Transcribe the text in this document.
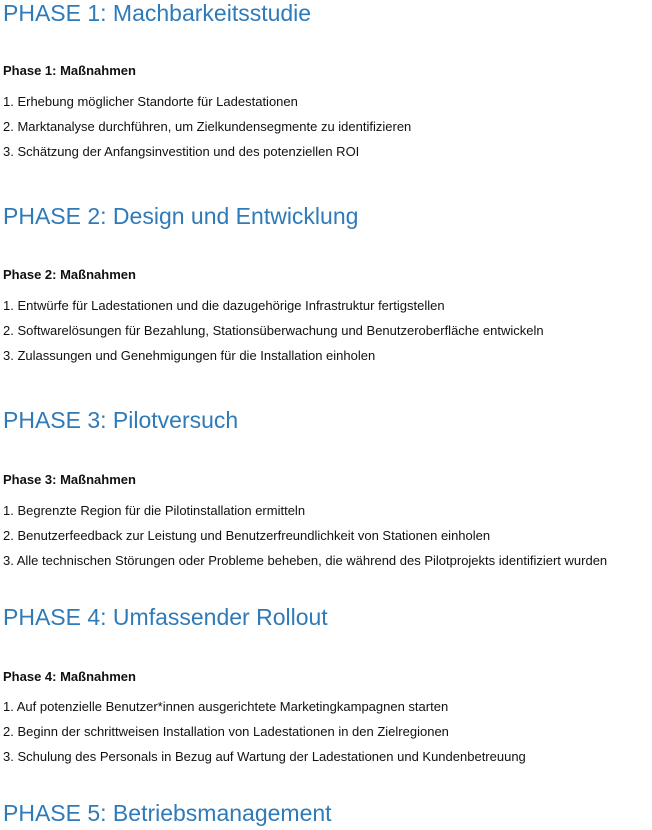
PHASE 1: Machbarkeitsstudie
Phase 1: Maßnahmen
1. Erhebung möglicher Standorte für Ladestationen
2. Marktanalyse durchführen, um Zielkundensegmente zu identifizieren
3. Schätzung der Anfangsinvestition und des potenziellen ROI
PHASE 2: Design und Entwicklung
Phase 2: Maßnahmen
1. Entwürfe für Ladestationen und die dazugehörige Infrastruktur fertigstellen
2. Softwarelösungen für Bezahlung, Stationsüberwachung und Benutzeroberfläche entwickeln
3. Zulassungen und Genehmigungen für die Installation einholen
PHASE 3: Pilotversuch
Phase 3: Maßnahmen
1. Begrenzte Region für die Pilotinstallation ermitteln
2. Benutzerfeedback zur Leistung und Benutzerfreundlichkeit von Stationen einholen
3. Alle technischen Störungen oder Probleme beheben, die während des Pilotprojekts identifiziert wurden
PHASE 4: Umfassender Rollout
Phase 4: Maßnahmen
1. Auf potenzielle Benutzer*innen ausgerichtete Marketingkampagnen starten
2. Beginn der schrittweisen Installation von Ladestationen in den Zielregionen
3. Schulung des Personals in Bezug auf Wartung der Ladestationen und Kundenbetreuung
PHASE 5: Betriebsmanagement
